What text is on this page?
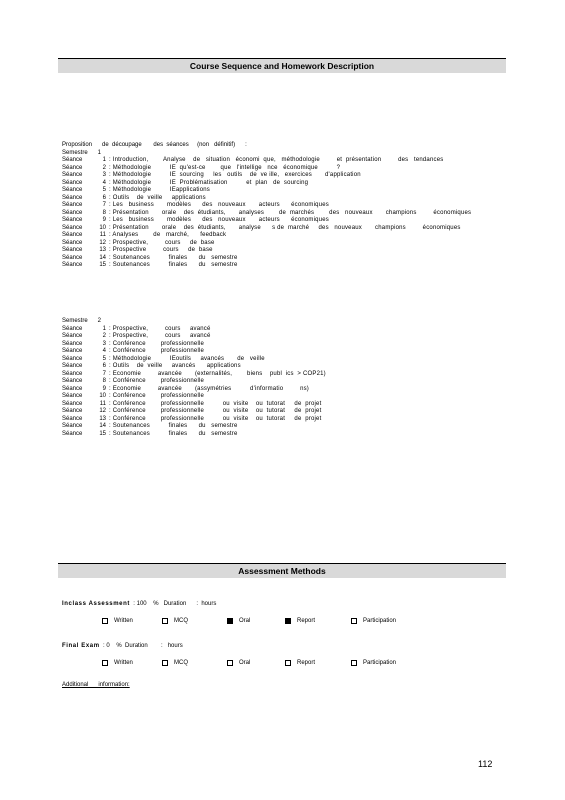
Course Sequence and Homework Description
Proposition      de  découpage       des  séances     (non   définitif)      :
Semestre      1
Séance	1 : Introduction,        Analyse    de   situation   économi  que,   méthodologie         et  présentation         des   tendances
Séance	2 : Méthodologie          IE  qu'est-ce        que   l'intellige   nce   économique          ?
Séance	3 : Méthodologie          IE  sourcing     les   outils    de  ve ille,   exercices       d'application
Séance	4 : Méthodologie          IE  Problématisation          et  plan   de  sourcing
Séance	5 : Méthodologie          IEapplications
Séance	6 : Outils    de  veille     applications
Séance	7 : Les   business       modèles      des   nouveaux       acteurs      économiques
Séance	8 : Présentation       orale    des  étudiants,       analyses        de  marchés        des   nouveaux       champions         économiques
Séance	9 : Les   business       modèles      des   nouveaux       acteurs      économiques
Séance	10 : Présentation       orale    des  étudiants,       analyse      s de  marché     des   nouveaux       champions         économiques
Séance	11 : Analyses        de   marché,      feedback
Séance	12 : Prospective,         cours     de  base
Séance	13 : Prospective         cours     de  base
Séance	14 : Soutenances          finales      du   semestre
Séance	15 : Soutenances          finales      du   semestre
Semestre      2
Séance	1 : Prospective,         cours     avancé
Séance	2 : Prospective,         cours     avancé
Séance	3 : Conférence        professionnelle
Séance	4 : Conférence        professionnelle
Séance	5 : Méthodologie          IEoutils     avancés       de   veille
Séance	6 : Outils    de  veille     avancés      applications
Séance	7 : Economie         avancée       (externalités,        biens    publ  ics  > COP21)
Séance	8 : Conférence        professionnelle
Séance	9 : Economie         avancée       (assymétries          d'informatio         ns)
Séance	10 : Conférence        professionnelle
Séance	11 : Conférence        professionnelle          ou  visite    ou  tutorat     de  projet
Séance	12 : Conférence        professionnelle          ou  visite    ou  tutorat     de  projet
Séance	13 : Conférence        professionnelle          ou  visite    ou  tutorat     de  projet
Séance	14 : Soutenances          finales      du   semestre
Séance	15 : Soutenances          finales      du   semestre
Assessment Methods
Inclass Assessment  : 100    %   Duration      :  hours
Written	MCQ	Oral	Report	Participation
Final Exam  : 0    %  Duration        :   hours
Written	MCQ	Oral	Report	Participation
Additional      information:
112
